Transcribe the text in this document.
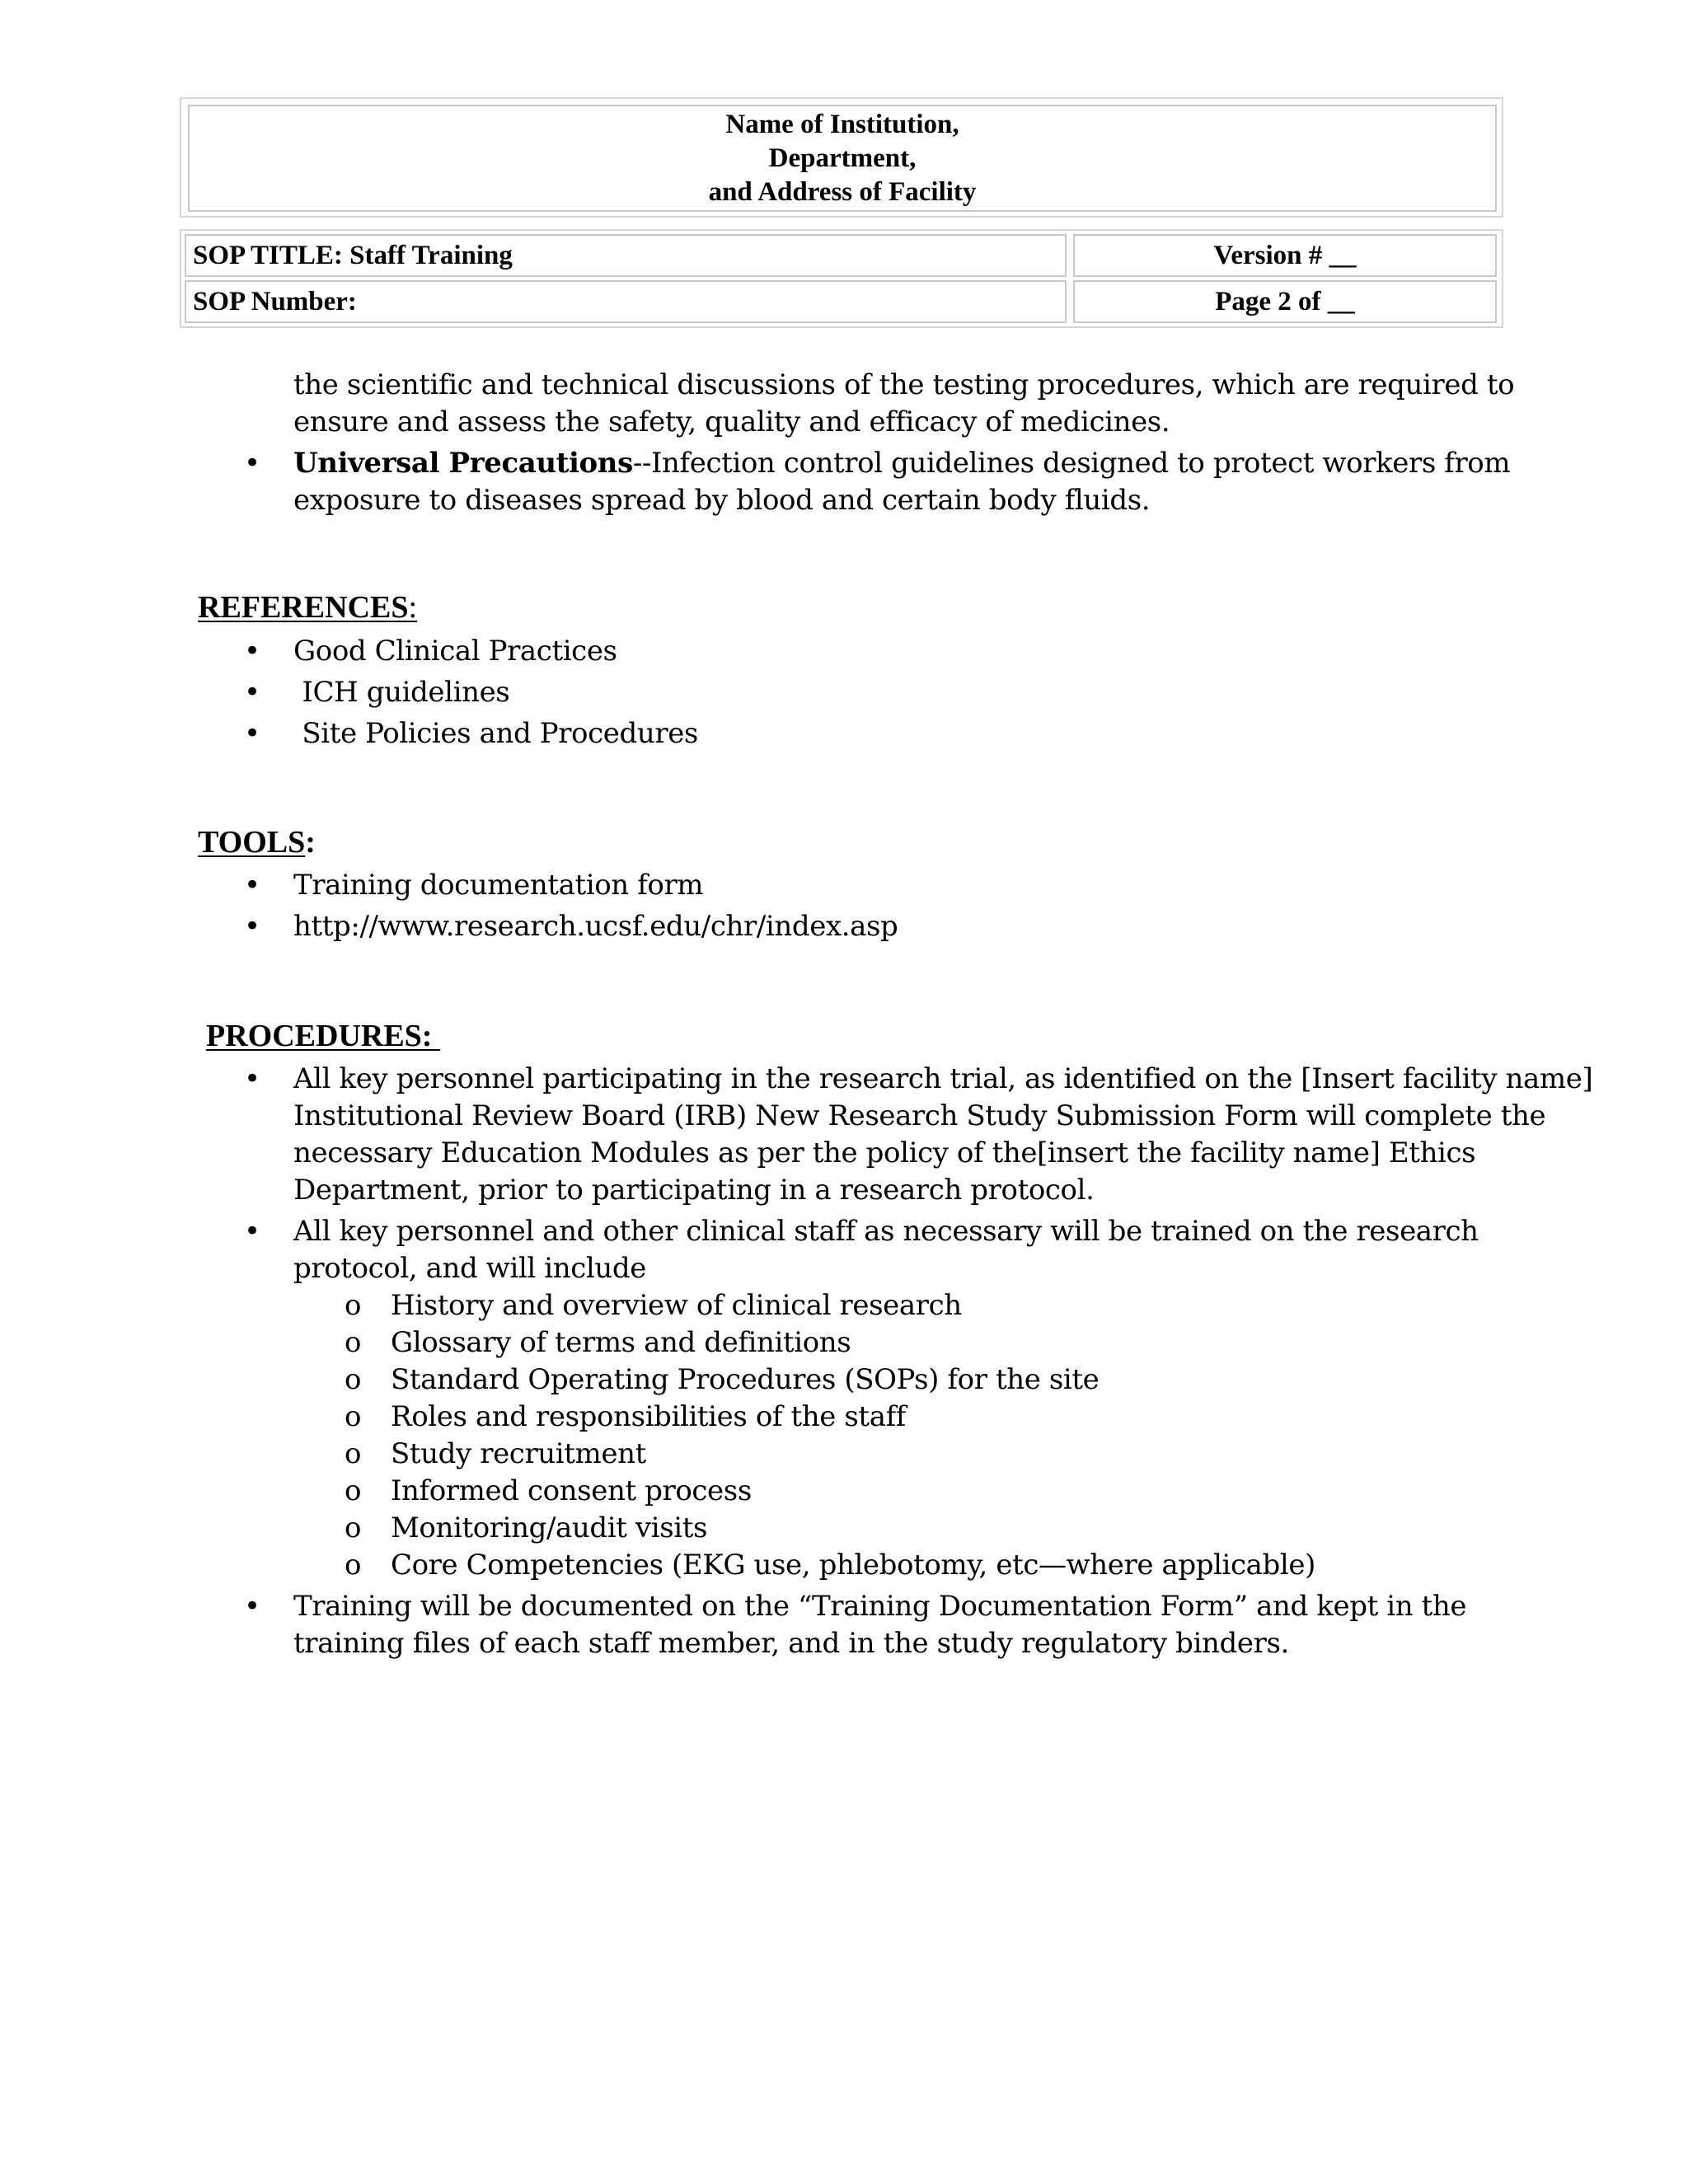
Name of Institution,
Department,
and Address of Facility
SOP TITLE: Staff Training	Version # __
SOP Number:	Page 2 of __
the scientific and technical discussions of the testing procedures, which are required to
ensure and assess the safety, quality and efficacy of medicines.
•	Universal Precautions--Infection control guidelines designed to protect workers from
exposure to diseases spread by blood and certain body fluids.
REFERENCES:
•	Good Clinical Practices
•	ICH guidelines
•	Site Policies and Procedures
TOOLS:
•	Training documentation form
•	http://www.research.ucsf.edu/chr/index.asp
PROCEDURES:
•	All key personnel participating in the research trial, as identified on the [Insert facility name]
Institutional Review Board (IRB) New Research Study Submission Form will complete the
necessary Education Modules as per the policy of the[insert the facility name] Ethics
Department, prior to participating in a research protocol.
•	All key personnel and other clinical staff as necessary will be trained on the research
protocol, and will include
o History and overview of clinical research
o Glossary of terms and definitions
o Standard Operating Procedures (SOPs) for the site
o Roles and responsibilities of the staff
o Study recruitment
o Informed consent process
o Monitoring/audit visits
o Core Competencies (EKG use, phlebotomy, etc—where applicable)
•	Training will be documented on the “Training Documentation Form” and kept in the
training files of each staff member, and in the study regulatory binders.
